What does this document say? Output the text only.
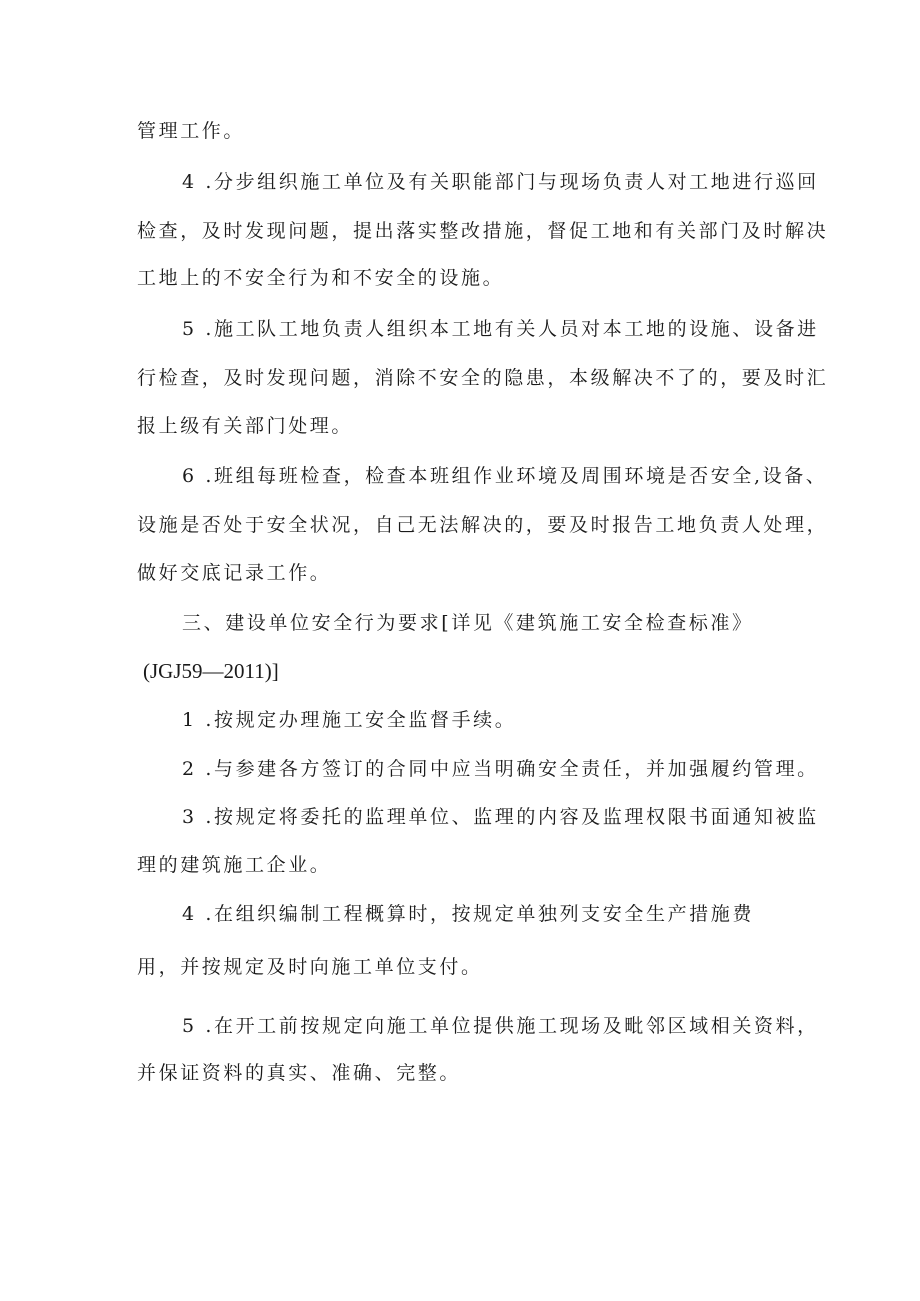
管理工作。
4 .分步组织施工单位及有关职能部门与现场负责人对工地进行巡回
检查，及时发现问题，提出落实整改措施，督促工地和有关部门及时解决
工地上的不安全行为和不安全的设施。
5 .施工队工地负责人组织本工地有关人员对本工地的设施、设备进
行检查，及时发现问题，消除不安全的隐患，本级解决不了的，要及时汇
报上级有关部门处理。
6 .班组每班检查，检查本班组作业环境及周围环境是否安全,设备、
设施是否处于安全状况，自己无法解决的，要及时报告工地负责人处理，
做好交底记录工作。
三、建设单位安全行为要求[详见《建筑施工安全检查标准》
(JGJ59—2011)]
1 .按规定办理施工安全监督手续。
2 .与参建各方签订的合同中应当明确安全责任，并加强履约管理。
3 .按规定将委托的监理单位、监理的内容及监理权限书面通知被监
理的建筑施工企业。
4 .在组织编制工程概算时，按规定单独列支安全生产措施费
用，并按规定及时向施工单位支付。
5 .在开工前按规定向施工单位提供施工现场及毗邻区域相关资料，
并保证资料的真实、准确、完整。
